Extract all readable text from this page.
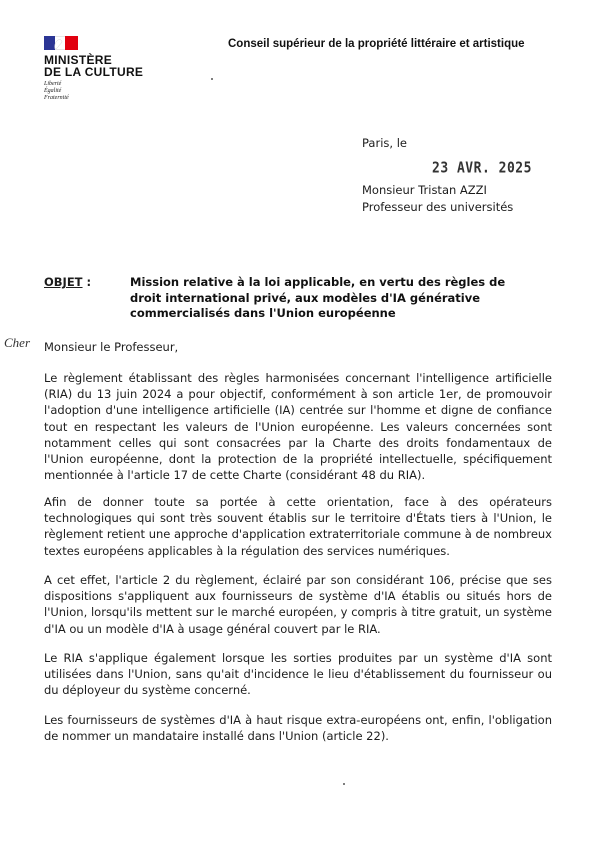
MINISTÈRE
DE LA CULTURE
Liberté
Égalité
Fraternité
Conseil supérieur de la propriété littéraire et artistique
Paris, le
23 AVR. 2025
Monsieur Tristan AZZI
Professeur des universités
OBJET :	Mission relative à la loi applicable, en vertu des règles de droit international privé, aux modèles d'IA générative commercialisés dans l'Union européenne
Cher Monsieur le Professeur,
Le règlement établissant des règles harmonisées concernant l'intelligence artificielle (RIA) du 13 juin 2024 a pour objectif, conformément à son article 1er, de promouvoir l'adoption d'une intelligence artificielle (IA) centrée sur l'homme et digne de confiance tout en respectant les valeurs de l'Union européenne. Les valeurs concernées sont notamment celles qui sont consacrées par la Charte des droits fondamentaux de l'Union européenne, dont la protection de la propriété intellectuelle, spécifiquement mentionnée à l'article 17 de cette Charte (considérant 48 du RIA).
Afin de donner toute sa portée à cette orientation, face à des opérateurs technologiques qui sont très souvent établis sur le territoire d'États tiers à l'Union, le règlement retient une approche d'application extraterritoriale commune à de nombreux textes européens applicables à la régulation des services numériques.
A cet effet, l'article 2 du règlement, éclairé par son considérant 106, précise que ses dispositions s'appliquent aux fournisseurs de système d'IA établis ou situés hors de l'Union, lorsqu'ils mettent sur le marché européen, y compris à titre gratuit, un système d'IA ou un modèle d'IA à usage général couvert par le RIA.
Le RIA s'applique également lorsque les sorties produites par un système d'IA sont utilisées dans l'Union, sans qu'ait d'incidence le lieu d'établissement du fournisseur ou du déployeur du système concerné.
Les fournisseurs de systèmes d'IA à haut risque extra-européens ont, enfin, l'obligation de nommer un mandataire installé dans l'Union (article 22).
